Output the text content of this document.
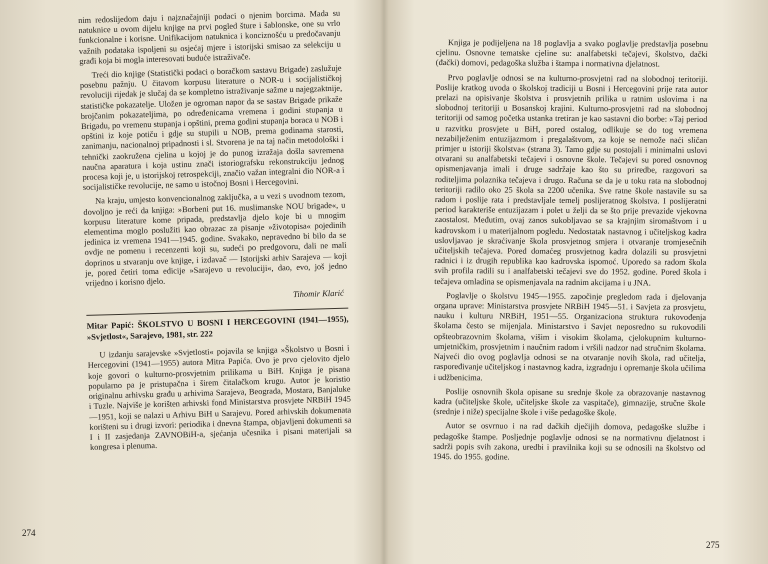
nim redoslijedom daju i najznačajniji podaci o njenim borcima. Mada su natuknice u ovom dijelu knjige na prvi pogled šture i šablonske, one su vrlo funkcionalne i korisne. Unifikacijom natuknica i konciznošću u predočavanju važnih podataka ispoljeni su osjećaj mjere i istorijski smisao za selekciju u građi koja bi mogla interesovati buduće istraživače.

Treći dio knjige (Statistički podaci o boračkom sastavu Brigade) zaslužuje posebnu pažnju. U čitavom korpusu literature o NOR-u i socijalističkoj revoluciji rijedak je slučaj da se kompletno istraživanje sažme u najegzaktnije, statističke pokazatelje. Uložen je ogroman napor da se sastav Brigade prikaže brojčanim pokazateljima, po određenicama vremena i godini stupanja u Brigadu, po vremenu stupanja i opštini, prema godini stupanja boraca u NOB i opštini iz koje potiču i gdje su stupili u NOB, prema godinama starosti, zanimanju, nacionalnoj pripadnosti i sl. Stvorena je na taj način metodološki i tehnički zaokružena cjelina u kojoj je do punog izražaja došla savremena naučna aparatura i koja ustinu znači istoriografsku rekonstrukciju jednog procesa koji je, u istorijskoj retrospekciji, značio važan integralni dio NOR-a i socijalističke revolucije, ne samo u istočnoj Bosni i Hercegovini.

Na kraju, umjesto konvencionalnog zaključka, a u vezi s uvodnom tezom, dovoljno je reći da knjiga: »Borbeni put 16. muslimanske NOU brigade«, u korpusu literature kome pripada, predstavlja djelo koje bi u mnogim elementima moglo poslužiti kao obrazac za pisanje »životopisa« pojedinih jedinica iz vremena 1941—1945. godine. Svakako, nepravedno bi bilo da se ovdje ne pomenu i recenzenti koji su, sudeći po predgovoru, dali ne mali doprinos u stvaranju ove knjige, i izdavač — Istorijski arhiv Sarajeva — koji je, pored četiri toma edicije »Sarajevo u revoluciji«, dao, evo, još jedno vrijedno i korisno djelo.

Tihomir Klarić

Mitar Papić: ŠKOLSTVO U BOSNI I HERCEGOVINI (1941—1955), »Svjetlost«, Sarajevo, 1981, str. 222

U izdanju sarajevske »Svjetlosti« pojavila se knjiga »Školstvo u Bosni i Hercegovini (1941—1955) autora Mitra Papića. Ovo je prvo cjelovito djelo koje govori o kulturno-prosvjetnim prilikama u BiH. Knjiga je pisana popularno pa je pristupačna i širem čitalačkom krugu. Autor je koristio originalnu arhivsku građu u arhivima Sarajeva, Beograda, Mostara, Banjaluke i Tuzle. Najviše je korišten arhivski fond Ministarstva prosvjete NRBiH 1945—1951, koji se nalazi u Arhivu BiH u Sarajevu. Pored arhivskih dokumenata korišteni su i drugi izvori: periodika i dnevna štampa, objavljeni dokumenti sa I i II zasjedanja ZAVNOBiH-a, sjećanja učesnika i pisani materijali sa kongresa i plenuma.

274

Knjiga je podijeljena na 18 poglavlja a svako poglavlje predstavlja posebnu cjelinu. Osnovne tematske cjeline su: analfabetski tečajevi, školstvo, dački (đački) domovi, pedagoška služba i štampa i normativna djelatnost.

Prvo poglavlje odnosi se na kulturno-prosvjetni rad na slobodnoj teritoriji. Poslije kratkog uvoda o školskoj tradiciji u Bosni i Hercegovini prije rata autor prelazi na opisivanje školstva i prosvjetnih prilika u ratnim uslovima i na slobodnoj teritoriji u Bosanskoj krajini. Kulturno-prosvjetni rad na slobodnoj teritoriji od samog početka ustanka tretiran je kao sastavni dio borbe: »Taj period u razvitku prosvjete u BiH, pored ostalog, odlikuje se do tog vremena nezabilježenim entuzijazmom i pregalaštvom, za koje se nemože naći sličan primjer u istoriji školstva« (strana 3). Tamo gdje su postojali i minimalni uslovi otvarani su analfabetski tečajevi i osnovne škole. Tečajevi su pored osnovnog opismenjavanja imali i druge sadržaje kao što su priredbe, razgovori sa roditeljima polaznika tečajeva i drugo. Računa se da je u toku rata na slobodnoj teritoriji radilo oko 25 škola sa 2200 učenika. Sve ratne škole nastavile su sa radom i poslije rata i predstavljale temelj poslijeratnog školstva. I poslijeratni period karakteriše entuzijazam i polet u želji da se što prije prevazide vjekovna zaostalost. Međutim, ovaj zanos sukobljavao se sa krajnjim siromaštvom i u kadrovskom i u materijalnom pogledu. Nedostatak nastavnog i učiteljskog kadra uslovljavao je skraćivanje škola prosvjetnog smjera i otvaranje tromjesečnih učiteljskih tečajeva. Pored domaćeg prosvjetnog kadra dolazili su prosvjetni radnici i iz drugih republika kao kadrovska ispomoć. Uporedo sa radom škola svih profila radili su i analfabetski tečajevi sve do 1952. godine. Pored škola i tečajeva omladina se opismenjavala na radnim akcijama i u JNA.

Poglavlje o školstvu 1945—1955. započinje pregledom rada i djelovanja organa uprave: Ministarstva prosvjete NRBiH 1945—51. i Savjeta za prosvjetu, nauku i kulturu NRBiH, 1951—55. Organizaciona struktura rukovođenja školama često se mijenjala. Ministarstvo i Savjet neposredno su rukovodili opšteobrazovnim školama, višim i visokim školama, cjelokupnim kulturno-umjetničkim, prosvjetnim i naučnim radom i vršili nadzor nad stručnim školama. Najveći dio ovog poglavlja odnosi se na otvaranje novih škola, rad učitelja, raspoređivanje učiteljskog i nastavnog kadra, izgradnju i opremanje škola učilima i udžbenicima.

Poslije osnovnih škola opisane su srednje škole za obrazovanje nastavnog kadra (učiteljske škole, učiteljske škole za vaspitače), gimnazije, stručne škole (srednje i niže) specijalne škole i više pedagoške škole.

Autor se osvrnuo i na rad dačkih dječijih domova, pedagoške službe i pedagoške štampe. Posljednje poglavlje odnosi se na normativnu djelatnost i sadrži popis svih zakona, uredbi i pravilnika koji su se odnosili na školstvo od 1945. do 1955. godine.

275
